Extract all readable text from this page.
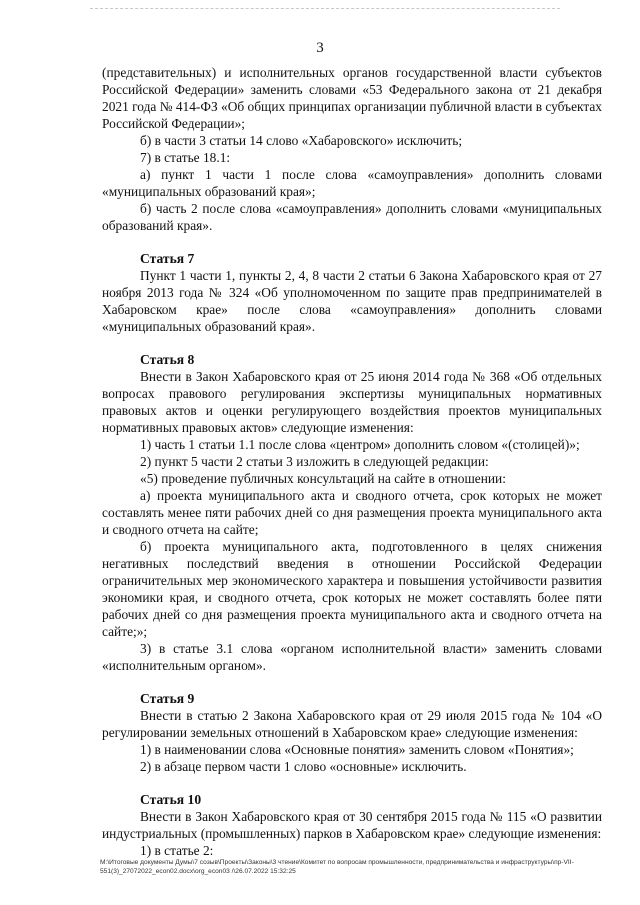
3

(представительных) и исполнительных органов государственной власти субъектов Российской Федерации» заменить словами «53 Федерального закона от 21 декабря 2021 года № 414-ФЗ «Об общих принципах организации публичной власти в субъектах Российской Федерации»;

б) в части 3 статьи 14 слово «Хабаровского» исключить;

7) в статье 18.1:

а) пункт 1 части 1 после слова «самоуправления» дополнить словами «муниципальных образований края»;

б) часть 2 после слова «самоуправления» дополнить словами «муниципальных образований края».

Статья 7

Пункт 1 части 1, пункты 2, 4, 8 части 2 статьи 6 Закона Хабаровского края от 27 ноября 2013 года № 324 «Об уполномоченном по защите прав предпринимателей в Хабаровском крае» после слова «самоуправления» дополнить словами «муниципальных образований края».

Статья 8

Внести в Закон Хабаровского края от 25 июня 2014 года № 368 «Об отдельных вопросах правового регулирования экспертизы муниципальных нормативных правовых актов и оценки регулирующего воздействия проектов муниципальных нормативных правовых актов» следующие изменения:

1) часть 1 статьи 1.1 после слова «центром» дополнить словом «(столицей)»;

2) пункт 5 части 2 статьи 3 изложить в следующей редакции:

«5) проведение публичных консультаций на сайте в отношении:

а) проекта муниципального акта и сводного отчета, срок которых не может составлять менее пяти рабочих дней со дня размещения проекта муниципального акта и сводного отчета на сайте;

б) проекта муниципального акта, подготовленного в целях снижения негативных последствий введения в отношении Российской Федерации ограничительных мер экономического характера и повышения устойчивости развития экономики края, и сводного отчета, срок которых не может составлять более пяти рабочих дней со дня размещения проекта муниципального акта и сводного отчета на сайте;»;

3) в статье 3.1 слова «органом исполнительной власти» заменить словами «исполнительным органом».

Статья 9

Внести в статью 2 Закона Хабаровского края от 29 июля 2015 года № 104 «О регулировании земельных отношений в Хабаровском крае» следующие изменения:

1) в наименовании слова «Основные понятия» заменить словом «Понятия»;

2) в абзаце первом части 1 слово «основные» исключить.

Статья 10

Внести в Закон Хабаровского края от 30 сентября 2015 года № 115 «О развитии индустриальных (промышленных) парков в Хабаровском крае» следующие изменения:

1) в статье 2:

M:\Итоговые документы Думы\7 созыв\Проекты\Законы\3 чтение\Комитет по вопросам промышленности, предпринимательства и инфраструктуры\пр-VII-
551(3)_27072022_econ02.docx\org_econ03 /\26.07.2022 15:32:25
